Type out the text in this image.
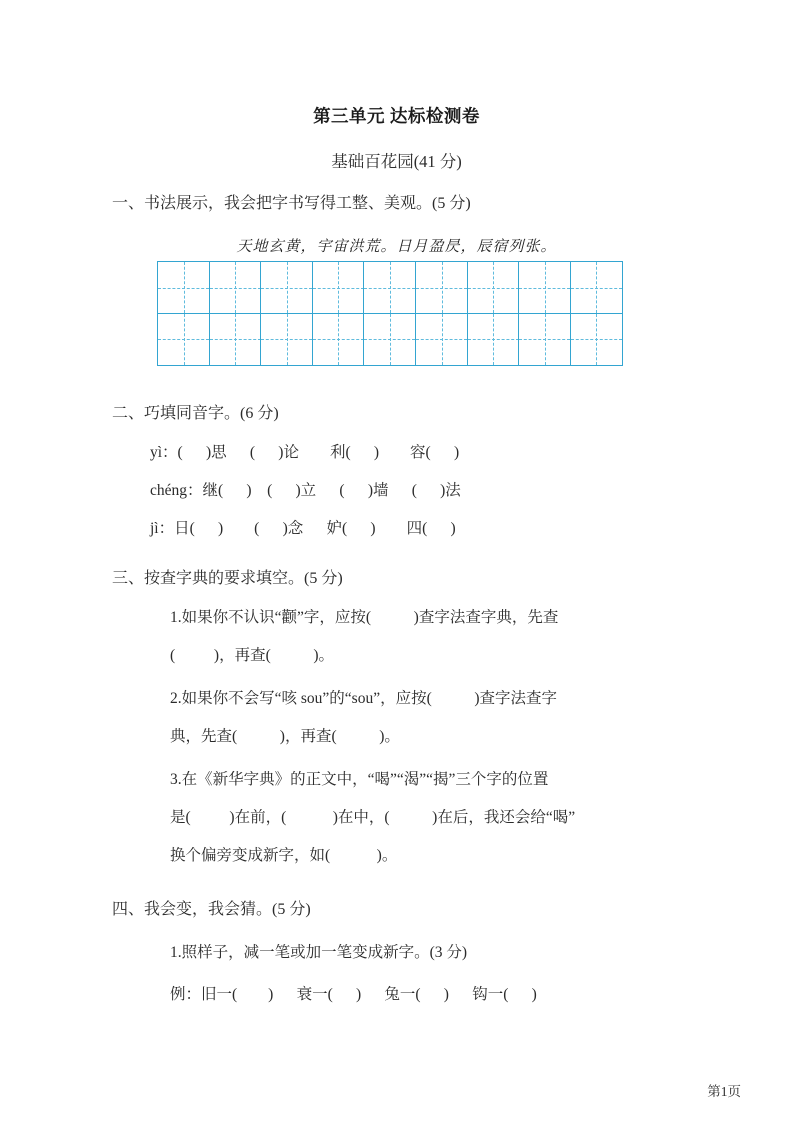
第三单元 达标检测卷
基础百花园(41 分)
一、书法展示，我会把字书写得工整、美观。(5 分)
天地玄黄，宇宙洪荒。日月盈昃，辰宿列张。
二、巧填同音字。(6 分)
yì：(      )思      (      )论        利(      )        容(      )
chéng：继(      )    (      )立      (      )墙      (      )法
jì：日(      )        (      )念      妒(      )        四(      )
三、按查字典的要求填空。(5 分)
1.如果你不认识“颧”字，应按(           )查字法查字典，先查
(          )，再查(           )。
2.如果你不会写“咳 sou”的“sou”，应按(           )查字法查字
典，先查(           )，再查(           )。
3.在《新华字典》的正文中，“喝”“渴”“揭”三个字的位置
是(          )在前，(            )在中，(           )在后，我还会给“喝”
换个偏旁变成新字，如(            )。
四、我会变，我会猜。(5 分)
1.照样子，减一笔或加一笔变成新字。(3 分)
例：旧一(        )      衰一(      )      兔一(      )      钩一(      )
第1页
